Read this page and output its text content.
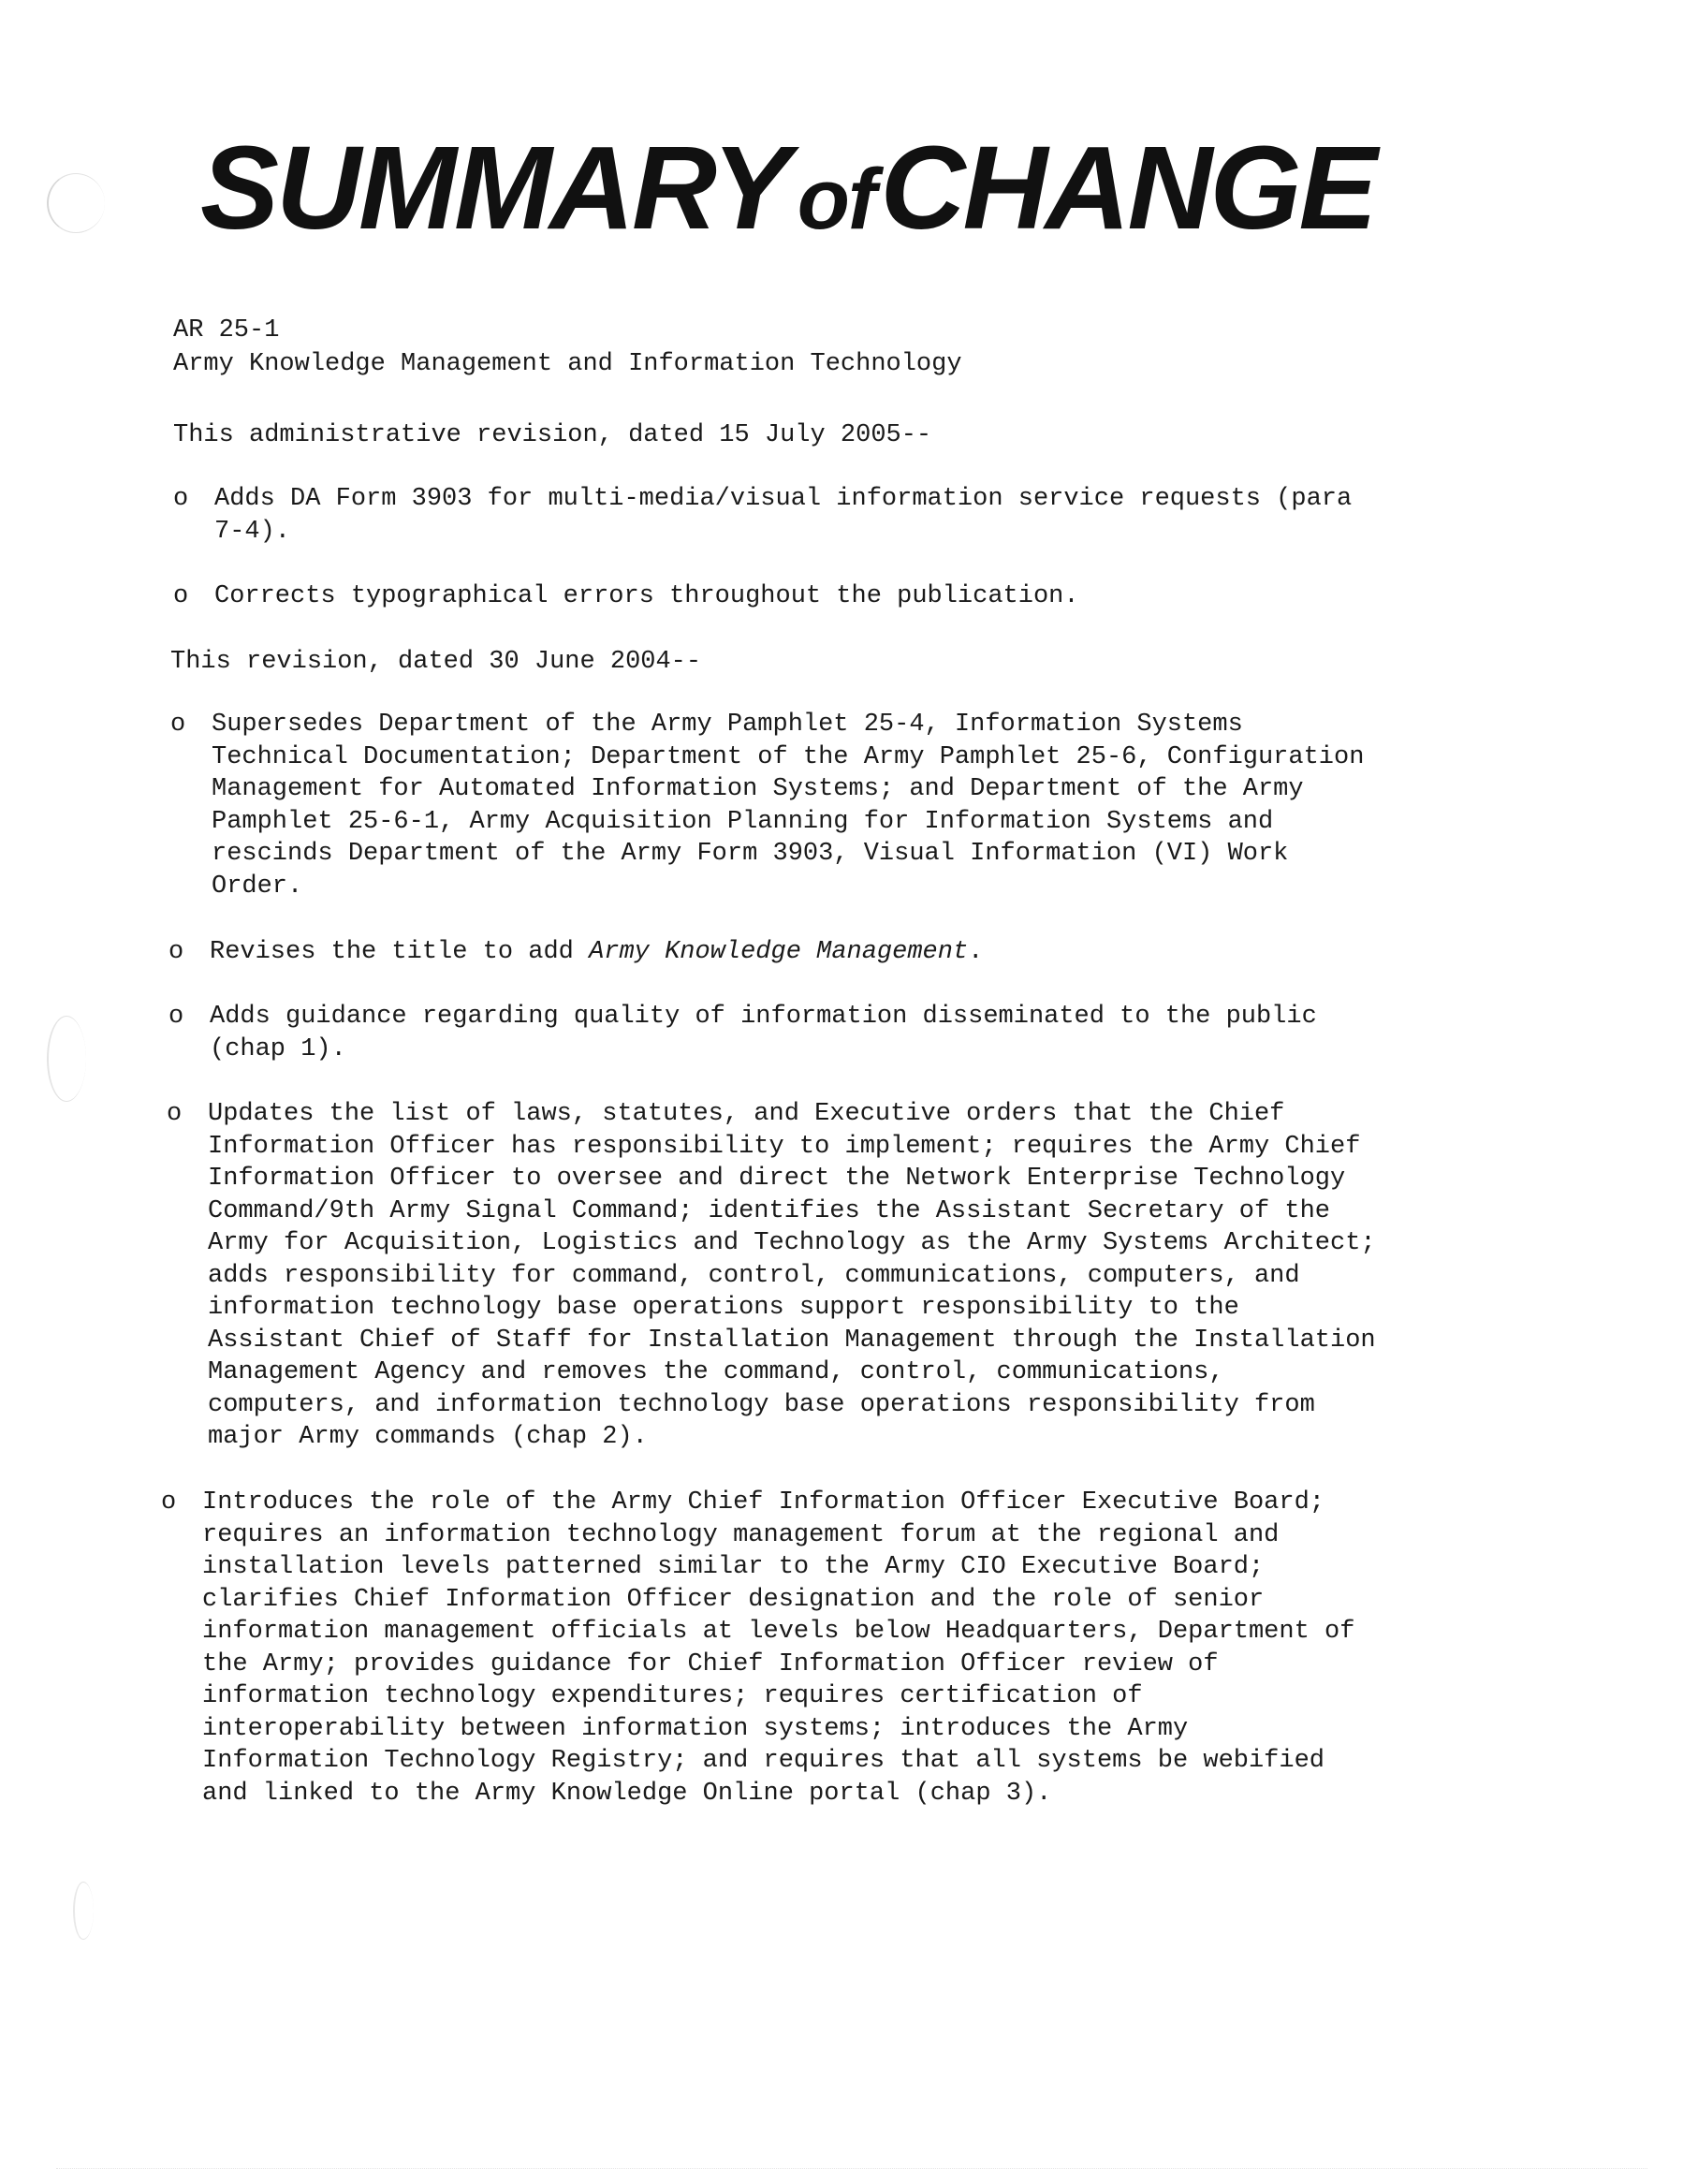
SUMMARY ofCHANGE
AR 25-1
Army Knowledge Management and Information Technology

This administrative revision, dated 15 July 2005--

o	Adds DA Form 3903 for multi-media/visual information service requests (para
7-4).
o	Corrects typographical errors throughout the publication.

This revision, dated 30 June 2004--

o	Supersedes Department of the Army Pamphlet 25-4, Information Systems
Technical Documentation; Department of the Army Pamphlet 25-6, Configuration
Management for Automated Information Systems; and Department of the Army
Pamphlet 25-6-1, Army Acquisition Planning for Information Systems and
rescinds Department of the Army Form 3903, Visual Information (VI) Work
Order.
o	Revises the title to add Army Knowledge Management.
o	Adds guidance regarding quality of information disseminated to the public
(chap 1).
o	Updates the list of laws, statutes, and Executive orders that the Chief
Information Officer has responsibility to implement; requires the Army Chief
Information Officer to oversee and direct the Network Enterprise Technology
Command/9th Army Signal Command; identifies the Assistant Secretary of the
Army for Acquisition, Logistics and Technology as the Army Systems Architect;
adds responsibility for command, control, communications, computers, and
information technology base operations support responsibility to the
Assistant Chief of Staff for Installation Management through the Installation
Management Agency and removes the command, control, communications,
computers, and information technology base operations responsibility from
major Army commands (chap 2).
o	Introduces the role of the Army Chief Information Officer Executive Board;
requires an information technology management forum at the regional and
installation levels patterned similar to the Army CIO Executive Board;
clarifies Chief Information Officer designation and the role of senior
information management officials at levels below Headquarters, Department of
the Army; provides guidance for Chief Information Officer review of
information technology expenditures; requires certification of
interoperability between information systems; introduces the Army
Information Technology Registry; and requires that all systems be webified
and linked to the Army Knowledge Online portal (chap 3).
